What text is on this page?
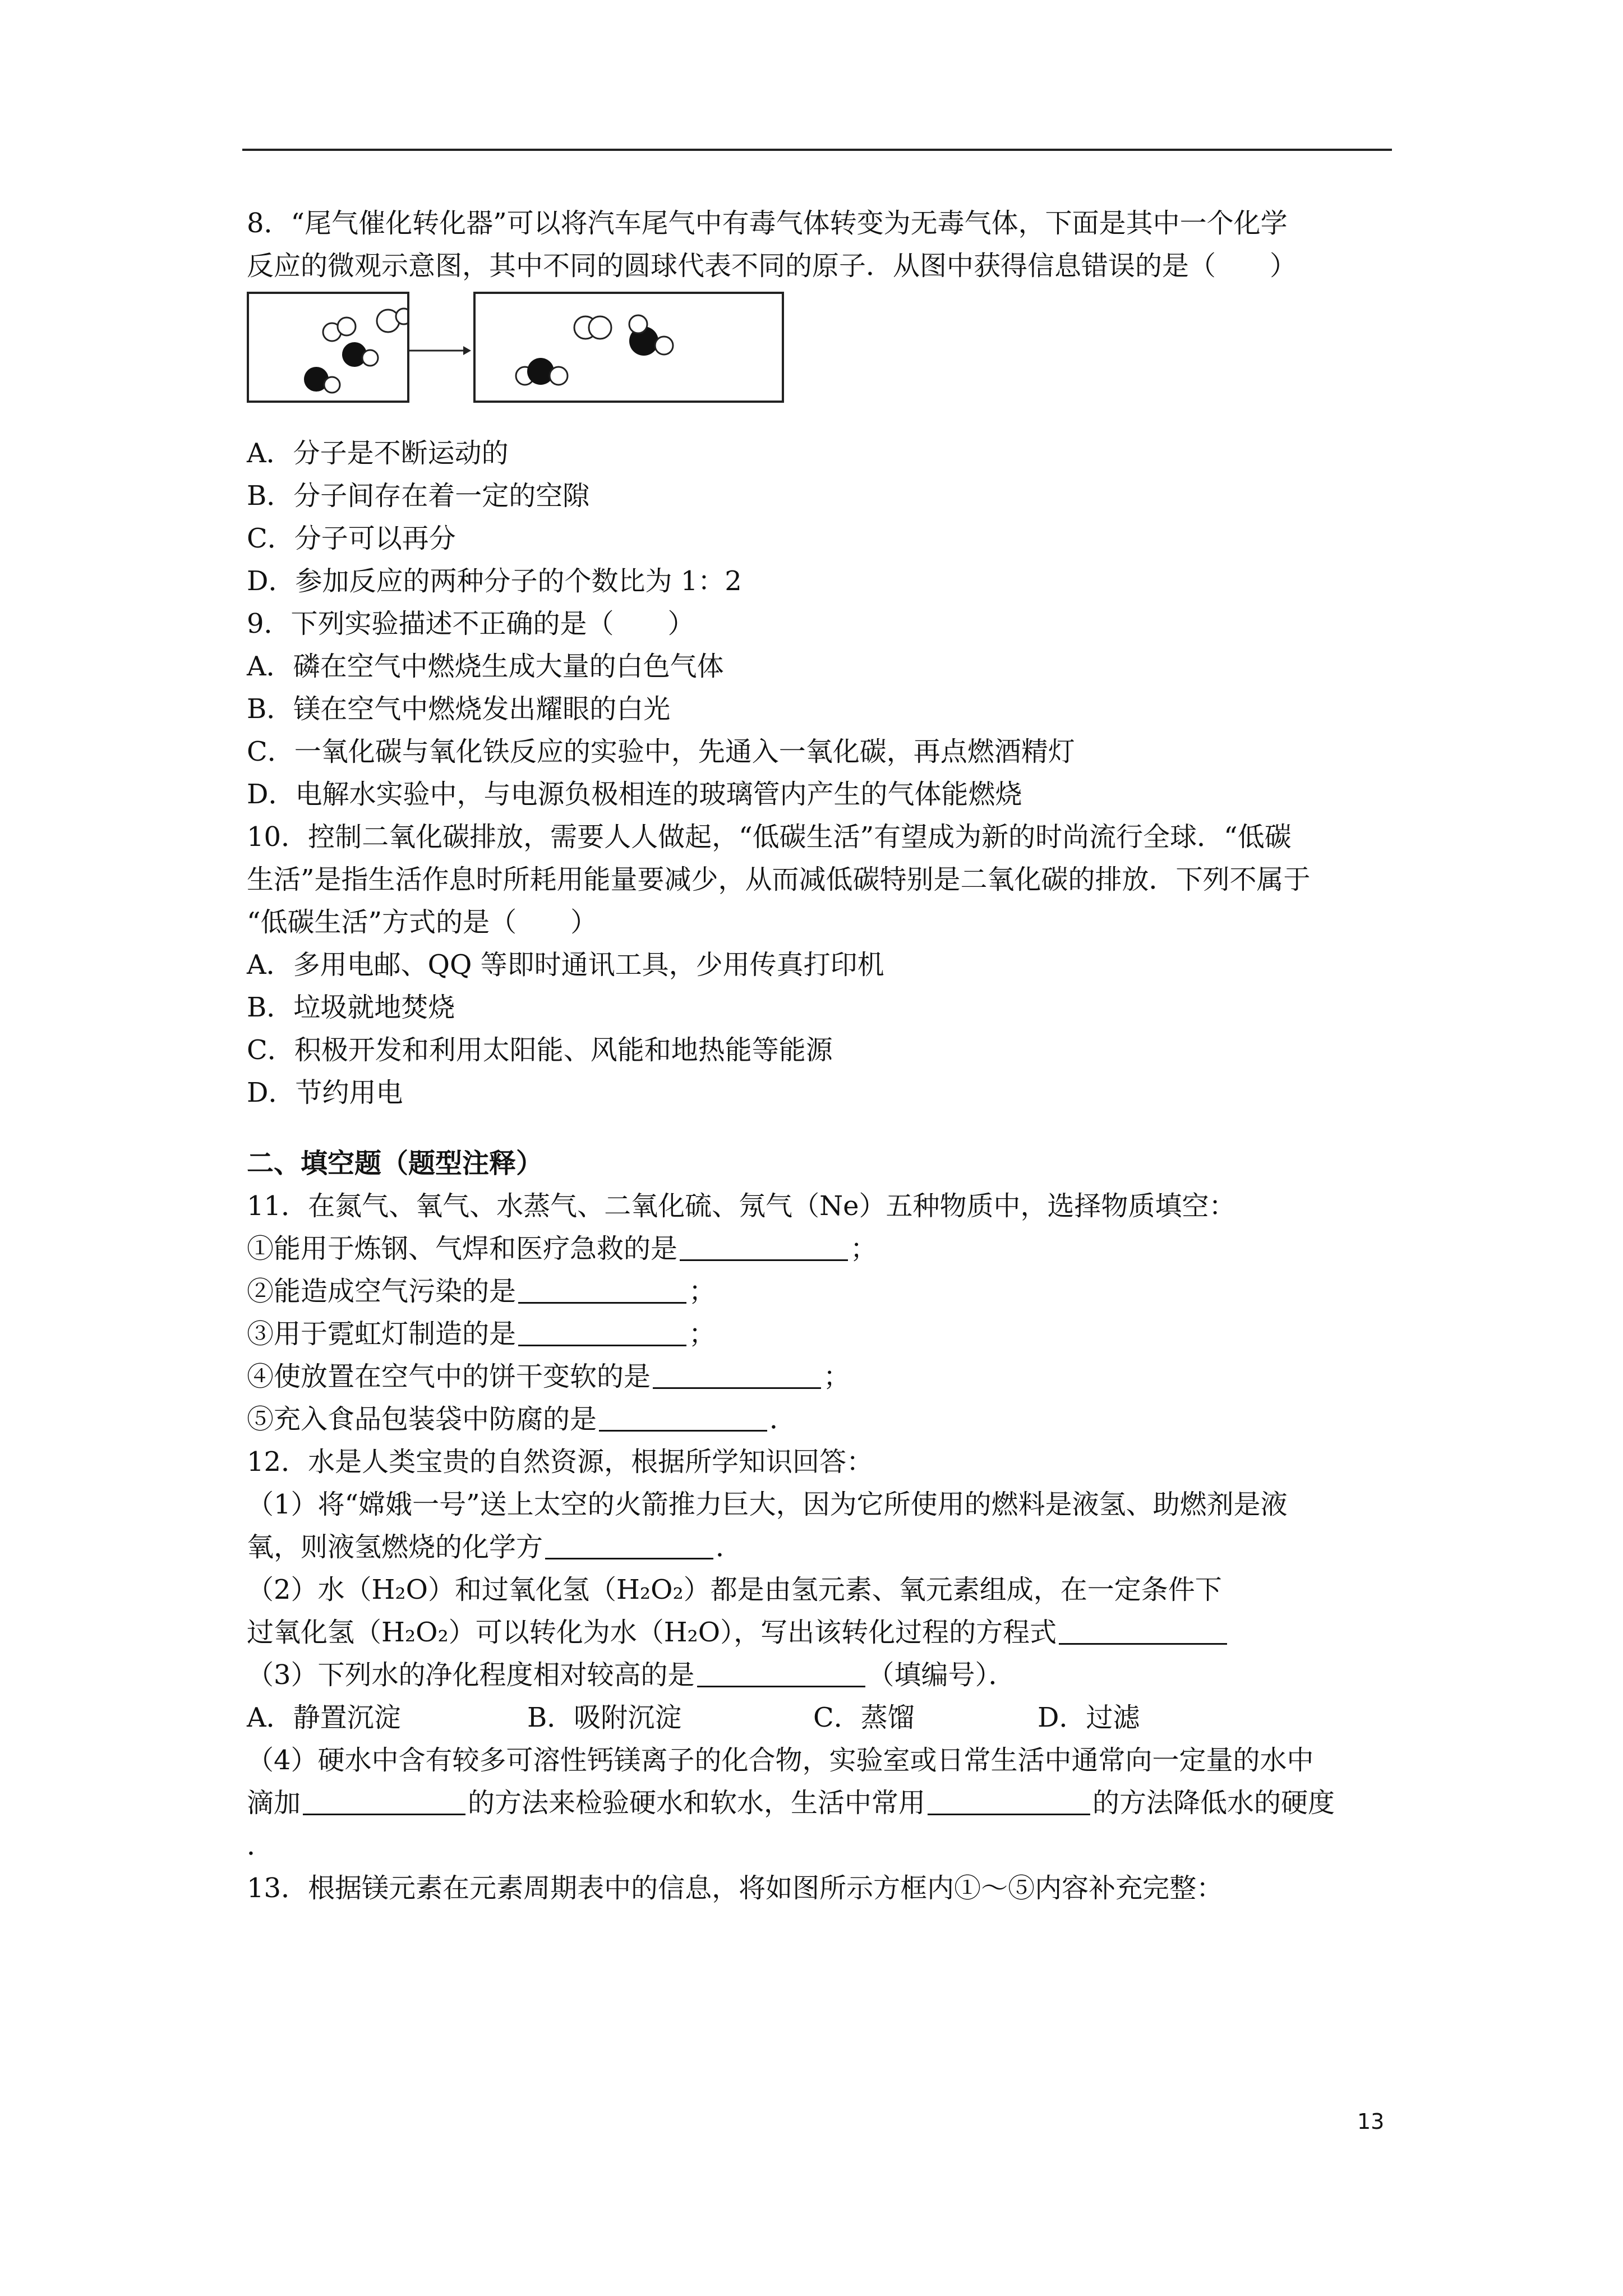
8．“尾气催化转化器”可以将汽车尾气中有毒气体转变为无毒气体，下面是其中一个化学
反应的微观示意图，其中不同的圆球代表不同的原子．从图中获得信息错误的是（　　）
A．分子是不断运动的
B．分子间存在着一定的空隙
C．分子可以再分
D．参加反应的两种分子的个数比为 1：2
9．下列实验描述不正确的是（　　）
A．磷在空气中燃烧生成大量的白色气体
B．镁在空气中燃烧发出耀眼的白光
C．一氧化碳与氧化铁反应的实验中，先通入一氧化碳，再点燃酒精灯
D．电解水实验中，与电源负极相连的玻璃管内产生的气体能燃烧
10．控制二氧化碳排放，需要人人做起，“低碳生活”有望成为新的时尚流行全球．“低碳
生活”是指生活作息时所耗用能量要减少，从而减低碳特别是二氧化碳的排放．下列不属于
“低碳生活”方式的是（　　）
A．多用电邮、QQ 等即时通讯工具，少用传真打印机
B．垃圾就地焚烧
C．积极开发和利用太阳能、风能和地热能等能源
D．节约用电
二、填空题（题型注释）
11．在氮气、氧气、水蒸气、二氧化硫、氖气（Ne）五种物质中，选择物质填空：
①能用于炼钢、气焊和医疗急救的是	；
②能造成空气污染的是	；
③用于霓虹灯制造的是	；
④使放置在空气中的饼干变软的是	；
⑤充入食品包装袋中防腐的是	．
12．水是人类宝贵的自然资源，根据所学知识回答：
（1）将“嫦娥一号”送上太空的火箭推力巨大，因为它所使用的燃料是液氢、助燃剂是液
氧，则液氢燃烧的化学方	．
（2）水（H₂O）和过氧化氢（H₂O₂）都是由氢元素、氧元素组成，在一定条件下
过氧化氢（H₂O₂）可以转化为水（H₂O），写出该转化过程的方程式
（3）下列水的净化程度相对较高的是	（填编号）．
A．静置沉淀	B．吸附沉淀	C．蒸馏	D．过滤
（4）硬水中含有较多可溶性钙镁离子的化合物，实验室或日常生活中通常向一定量的水中
滴加	的方法来检验硬水和软水，生活中常用	的方法降低水的硬度
．
13．根据镁元素在元素周期表中的信息，将如图所示方框内①～⑤内容补充完整：
13
